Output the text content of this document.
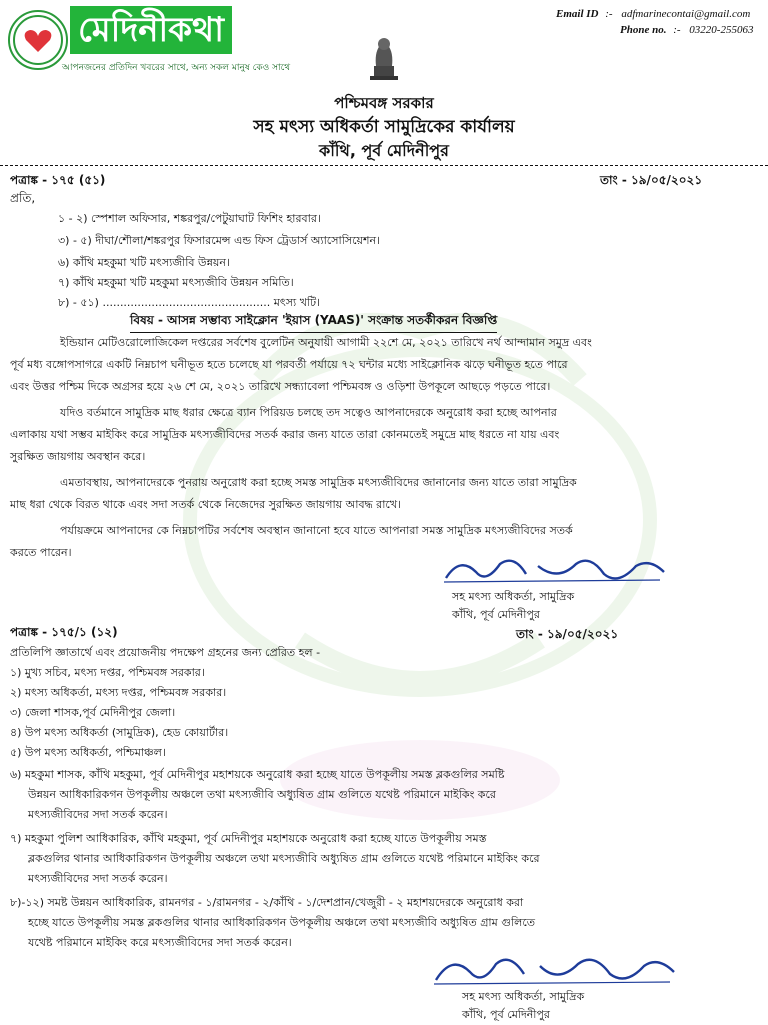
মেদিনীকথা
আপনজনের প্রতিদিন খবরের সাথে, অন্য সকল মানুষ কেও সাথে
Email ID :- adfmarinecontai@gmail.com
Phone no. :- 03220-255063
পশ্চিমবঙ্গ সরকার
সহ মৎস্য অধিকর্তা সামুদ্রিকের কার্যালয়
কাঁথি, পূর্ব মেদিনীপুর
পত্রাঙ্ক - ১৭৫ (৫১)	তাং - ১৯/০৫/২০২১
প্রতি,
১ - ২) স্পেশাল অফিসার, শঙ্করপুর/পেটুয়াঘাট ফিশিং হারবার।
৩) - ৫) দীঘা/শৌলা/শঙ্করপুর ফিসারমেন্স এন্ড ফিস ট্রেডার্স অ্যাসোসিয়েশন।
৬) কাঁথি মহকুমা খটি মৎস্যজীবি উন্নয়ন।
৭) কাঁথি মহকুমা খটি মহকুমা মৎস্যজীবি উন্নয়ন সমিতি।
৮) - ৫১) ................................................ মৎস্য খটি।
বিষয় - আসন্ন সম্ভাব্য সাইক্লোন 'ইয়াস (YAAS)' সংক্রান্ত সতর্কীকরন বিজ্ঞপ্তি
ইন্ডিয়ান মেটিওরোলোজিকেল দপ্তরের সর্বশেষ বুলেটিন অনুযায়ী আগামী ২২শে মে, ২০২১ তারিখে নর্থ আন্দামান সমুদ্র এবং
পূর্ব মধ্য বঙ্গোপসাগরে একটি নিম্নচাপ ঘনীভূত হতে চলেছে যা পরবর্তী পর্যায়ে ৭২ ঘন্টার মধ্যে সাইক্লোনিক ঝড়ে ঘনীভূত হতে পারে
এবং উত্তর পশ্চিম দিকে অগ্রসর হয়ে ২৬ শে মে, ২০২১ তারিখে সন্ধ্যাবেলা পশ্চিমবঙ্গ ও ওড়িশা উপকূলে আছড়ে পড়তে পারে।
যদিও বর্তমানে সামুদ্রিক মাছ ধরার ক্ষেত্রে ব্যান পিরিয়ড চলছে তদ সত্বেও আপনাদেরকে অনুরোধ করা হচ্ছে আপনার
এলাকায় যথা সম্ভব মাইকিং করে সামুদ্রিক মৎস্যজীবিদের সতর্ক করার জন্য যাতে তারা কোনমতেই সমুদ্রে মাছ ধরতে না যায় এবং
সুরক্ষিত জায়গায় অবস্থান করে।
এমতাবস্থায়, আপনাদেরকে পুনরায় অনুরোধ করা হচ্ছে সমস্ত সামুদ্রিক মৎস্যজীবিদের জানানোর জন্য যাতে তারা সামুদ্রিক
মাছ ধরা থেকে বিরত থাকে এবং সদা সতর্ক থেকে নিজেদের সুরক্ষিত জায়গায় আবদ্ধ রাখে।
পর্যায়ক্রমে আপনাদের কে নিম্নচাপটির সর্বশেষ অবস্থান জানানো হবে যাতে আপনারা সমস্ত সামুদ্রিক মৎস্যজীবিদের সতর্ক
করতে পারেন।
সহ মৎস্য অধিকর্তা, সামুদ্রিক
কাঁথি, পূর্ব মেদিনীপুর
পত্রাঙ্ক - ১৭৫/১ (১২)	তাং - ১৯/০৫/২০২১
প্রতিলিপি জ্ঞাতার্থে এবং প্রয়োজনীয় পদক্ষেপ গ্রহনের জন্য প্রেরিত হল -
১) মুখ্য সচিব, মৎস্য দপ্তর, পশ্চিমবঙ্গ সরকার।
২) মৎস্য অধিকর্তা, মৎস্য দপ্তর, পশ্চিমবঙ্গ সরকার।
৩) জেলা শাসক,পূর্ব মেদিনীপুর জেলা।
৪) উপ মৎস্য অধিকর্তা (সামুদ্রিক), হেড কোয়ার্টার।
৫) উপ মৎস্য অধিকর্তা, পশ্চিমাঞ্চল।
৬) মহকুমা শাসক, কাঁথি মহকুমা, পূর্ব মেদিনীপুর মহাশয়কে অনুরোধ করা হচ্ছে যাতে উপকূলীয় সমস্ত ব্লকগুলির সমষ্টি
উন্নয়ন আধিকারিকগন উপকূলীয় অঞ্চলে তথা মৎস্যজীবি অধ্যুষিত গ্রাম গুলিতে যথেষ্ট পরিমানে মাইকিং করে
মৎস্যজীবিদের সদা সতর্ক করেন।
৭) মহকুমা পুলিশ আধিকারিক, কাঁথি মহকুমা, পূর্ব মেদিনীপুর মহাশয়কে অনুরোধ করা হচ্ছে যাতে উপকূলীয় সমস্ত
ব্লকগুলির থানার আধিকারিকগন উপকূলীয় অঞ্চলে তথা মৎস্যজীবি অধ্যুষিত গ্রাম গুলিতে যথেষ্ট পরিমানে মাইকিং করে
মৎস্যজীবিদের সদা সতর্ক করেন।
৮)-১২) সমষ্ট উন্নয়ন আধিকারিক, রামনগর - ১/রামনগর - ২/কাঁথি - ১/দেশপ্রান/খেজুরী - ২ মহাশয়দেরকে অনুরোধ করা
হচ্ছে যাতে উপকূলীয় সমস্ত ব্লকগুলির থানার আধিকারিকগন উপকূলীয় অঞ্চলে তথা মৎস্যজীবি অধ্যুষিত গ্রাম গুলিতে
যথেষ্ট পরিমানে মাইকিং করে মৎস্যজীবিদের সদা সতর্ক করেন।
সহ মৎস্য অধিকর্তা, সামুদ্রিক
কাঁথি, পূর্ব মেদিনীপুর
